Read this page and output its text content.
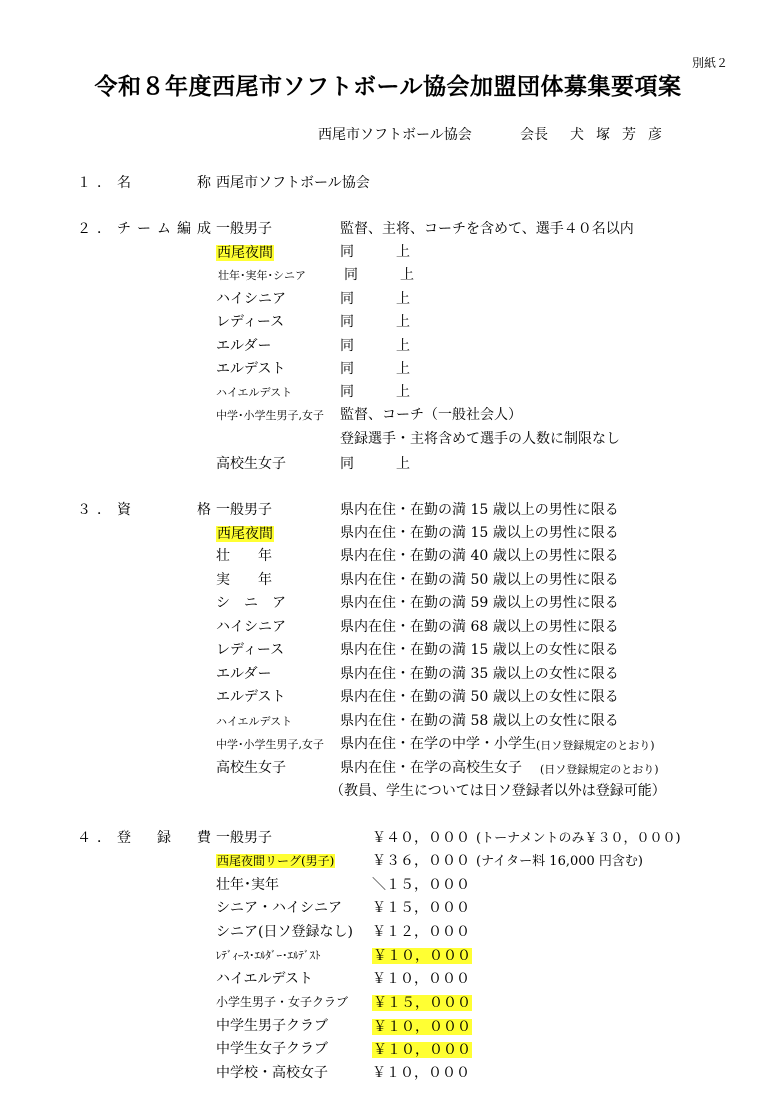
別紙２
令和８年度西尾市ソフトボール協会加盟団体募集要項案
西尾市ソフトボール協会	会長 犬塚芳彦
１．名　　　称 西尾市ソフトボール協会
２．チーム編成 一般男子	監督、主将、コーチを含めて、選手４０名以内
西尾夜間	同　　　上
壮年･実年･シニア	同　　　上
ハイシニア	同　　　上
レディース	同　　　上
エルダー	同　　　上
エルデスト	同　　　上
ハイエルデスト	同　　　上
中学･小学生男子,女子 監督、コーチ（一般社会人）
登録選手・主将含めて選手の人数に制限なし
高校生女子	同　　　上
３．資　　　格 一般男子	県内在住・在勤の満 15 歳以上の男性に限る
西尾夜間	県内在住・在勤の満 15 歳以上の男性に限る
壮　　年	県内在住・在勤の満 40 歳以上の男性に限る
実　　年	県内在住・在勤の満 50 歳以上の男性に限る
シ　ニ　ア	県内在住・在勤の満 59 歳以上の男性に限る
ハイシニア	県内在住・在勤の満 68 歳以上の男性に限る
レディース	県内在住・在勤の満 15 歳以上の女性に限る
エルダー	県内在住・在勤の満 35 歳以上の女性に限る
エルデスト	県内在住・在勤の満 50 歳以上の女性に限る
ハイエルデスト	県内在住・在勤の満 58 歳以上の女性に限る
中学･小学生男子,女子 県内在住・在学の中学・小学生 (日ソ登録規定のとおり)
高校生女子	県内在住・在学の高校生女子 (日ソ登録規定のとおり)
（教員、学生については日ソ登録者以外は登録可能）
４．登　録　費 一般男子	￥４０，０００ (トーナメントのみ￥３０，０００)
西尾夜間リーグ(男子)	￥３６，０００ (ナイター料 16,000 円含む)
壮年･実年	＼１５，０００
シニア・ハイシニア ￥１５，０００
シニア(日ソ登録なし) ￥１２，０００
ﾚﾃﾞｨｰｽ･ｴﾙﾀﾞｰ･ｴﾙﾃﾞｽﾄ	￥１０，０００
ハイエルデスト	￥１０，０００
小学生男子・女子クラブ ￥１５，０００
中学生男子クラブ	￥１０，０００
中学生女子クラブ	￥１０，０００
中学校・高校女子	￥１０，０００
